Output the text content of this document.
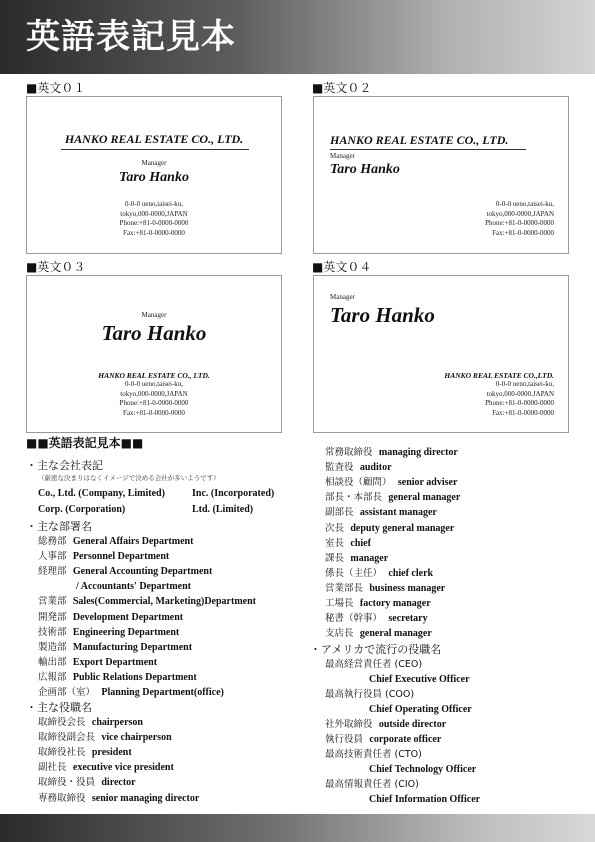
英語表記見本
■英文０１
HANKO REAL ESTATE CO., LTD.
Manager
Taro Hanko
0-0-0 ueno,taisei-ku,
tokyo,000-0000,JAPAN
Phone:+81-0-0000-0000
Fax:+81-0-0000-0000
■英文０２
HANKO REAL ESTATE CO., LTD.
Manager
Taro Hanko
0-0-0 ueno,taisei-ku,
tokyo,000-0000,JAPAN
Phone:+81-0-0000-0000
Fax:+81-0-0000-0000
■英文０３
Manager
Taro Hanko
HANKO REAL ESTATE CO., LTD.
0-0-0 ueno,taisei-ku,
tokyo,000-0000,JAPAN
Phone:+81-0-0000-0000
Fax:+81-0-0000-0000
■英文０４
Manager
Taro Hanko
HANKO REAL ESTATE CO.,LTD.
0-0-0 ueno,taisei-ku,
tokyo,000-0000,JAPAN
Phone:+81-0-0000-0000
Fax:+81-0-0000-0000
■■英語表記見本■■
・主な会社表記
（厳密な決まりはなくイメージで決める会社が多いようです）
Co., Ltd. (Company, Limited)	Inc. (Incorporated)
Corp. (Corporation)	Ltd. (Limited)
・主な部署名
総務部 General Affairs Department
人事部 Personnel Department
経理部 General Accounting Department
/ Accountants' Department
営業部 Sales(Commercial, Marketing)Department
開発部 Development Department
技術部 Engineering Department
製造部 Manufacturing Department
輸出部 Export Department
広報部 Public Relations Department
企画部（室） Planning Department(office)
・主な役職名
取締役会長 chairperson
取締役副会長 vice chairperson
取締役社長 president
副社長 executive vice president
取締役・役員 director
専務取締役 senior managing director
常務取締役 managing director
監査役 auditor
相談役（顧問） senior adviser
部長・本部長 general manager
副部長 assistant manager
次長 deputy general manager
室長 chief
課長 manager
係長（主任） chief clerk
営業部長 business manager
工場長 factory manager
秘書（幹事） secretary
支店長 general manager
・アメリカで流行の役職名
最高経営責任者 (CEO)
Chief Executive Officer
最高執行役員 (COO)
Chief Operating Officer
社外取締役 outside director
執行役員 corporate officer
最高技術責任者 (CTO)
Chief Technology Officer
最高情報責任者 (CIO)
Chief Information Officer
